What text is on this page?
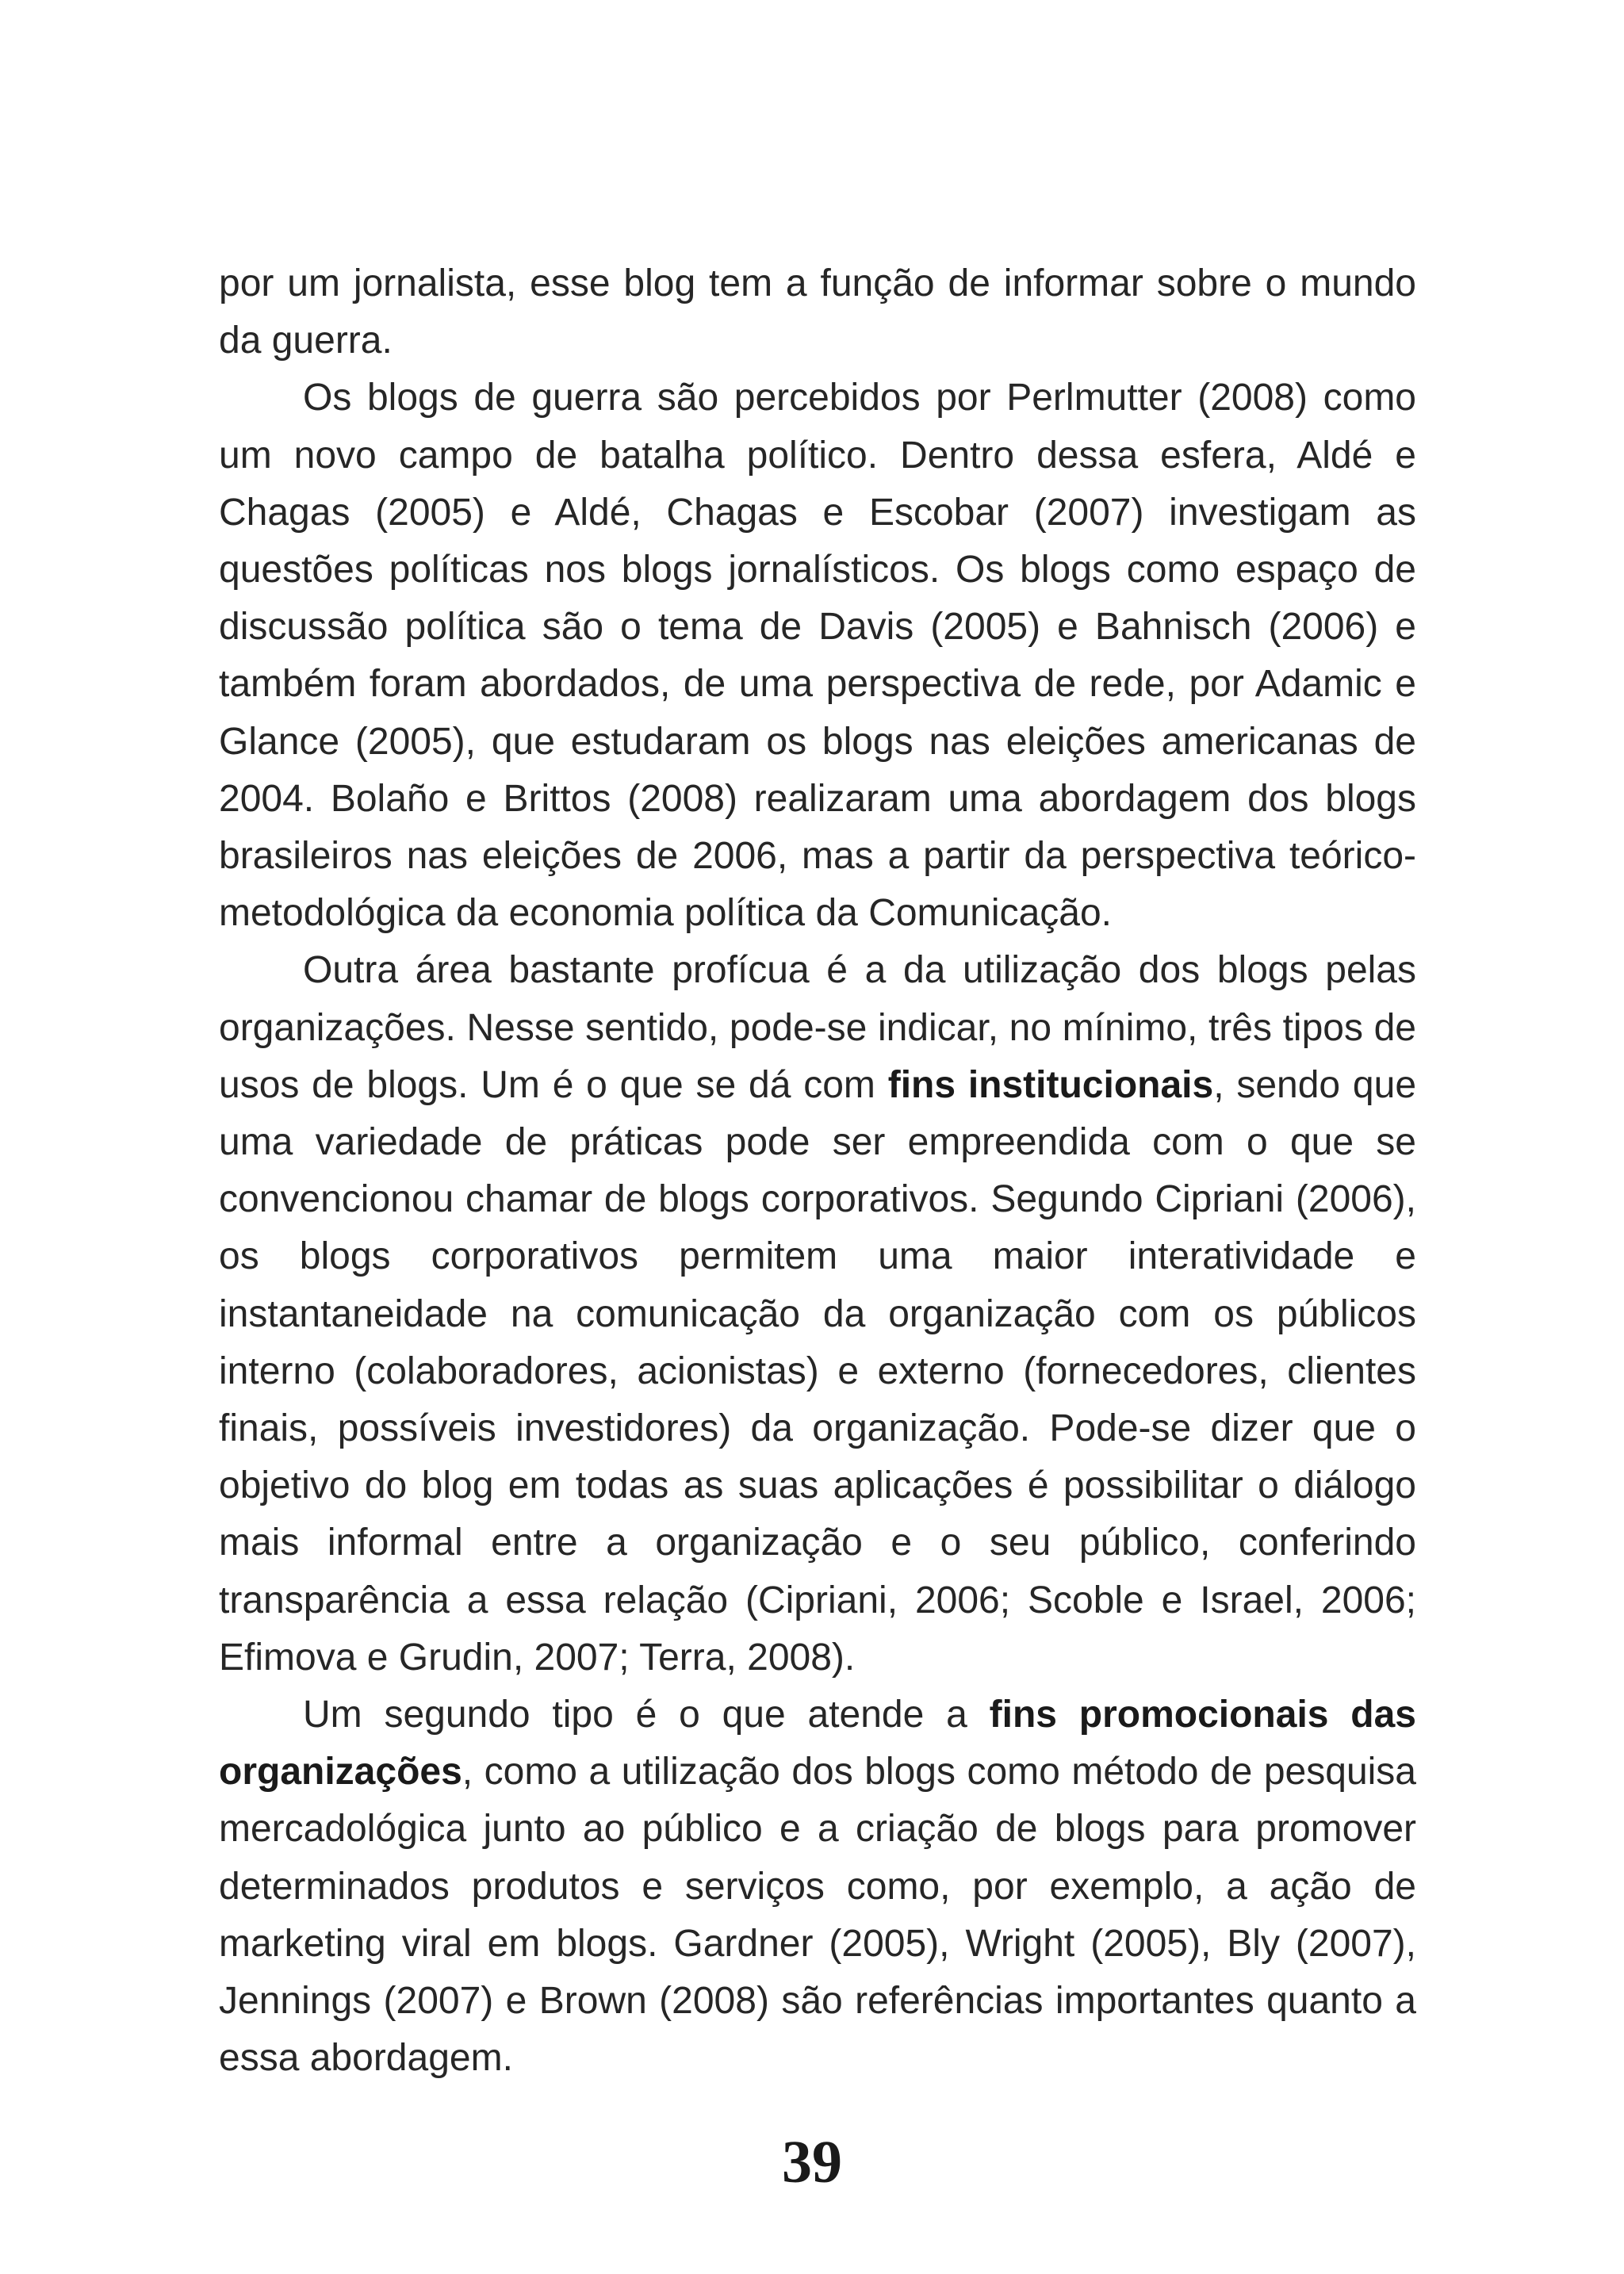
por um jornalista, esse blog tem a função de informar sobre o mundo da guerra.

Os blogs de guerra são percebidos por Perlmutter (2008) como um novo campo de batalha político. Dentro dessa esfera, Aldé e Chagas (2005) e Aldé, Chagas e Escobar (2007) investigam as questões políticas nos blogs jornalísticos. Os blogs como espaço de discussão política são o tema de Davis (2005) e Bahnisch (2006) e também foram abordados, de uma perspectiva de rede, por Adamic e Glance (2005), que estudaram os blogs nas eleições americanas de 2004. Bolaño e Brittos (2008) realizaram uma abordagem dos blogs brasileiros nas eleições de 2006, mas a partir da perspectiva teórico-metodológica da economia política da Comunicação.

Outra área bastante profícua é a da utilização dos blogs pelas organizações. Nesse sentido, pode-se indicar, no mínimo, três tipos de usos de blogs. Um é o que se dá com fins institucionais, sendo que uma variedade de práticas pode ser empreendida com o que se convencionou chamar de blogs corporativos. Segundo Cipriani (2006), os blogs corporativos permitem uma maior interatividade e instantaneidade na comunicação da organização com os públicos interno (colaboradores, acionistas) e externo (fornecedores, clientes finais, possíveis investidores) da organização. Pode-se dizer que o objetivo do blog em todas as suas aplicações é possibilitar o diálogo mais informal entre a organização e o seu público, conferindo transparência a essa relação (Cipriani, 2006; Scoble e Israel, 2006; Efimova e Grudin, 2007; Terra, 2008).

Um segundo tipo é o que atende a fins promocionais das organizações, como a utilização dos blogs como método de pesquisa mercadológica junto ao público e a criação de blogs para promover determinados produtos e serviços como, por exemplo, a ação de marketing viral em blogs. Gardner (2005), Wright (2005), Bly (2007), Jennings (2007) e Brown (2008) são referências importantes quanto a essa abordagem.

39
